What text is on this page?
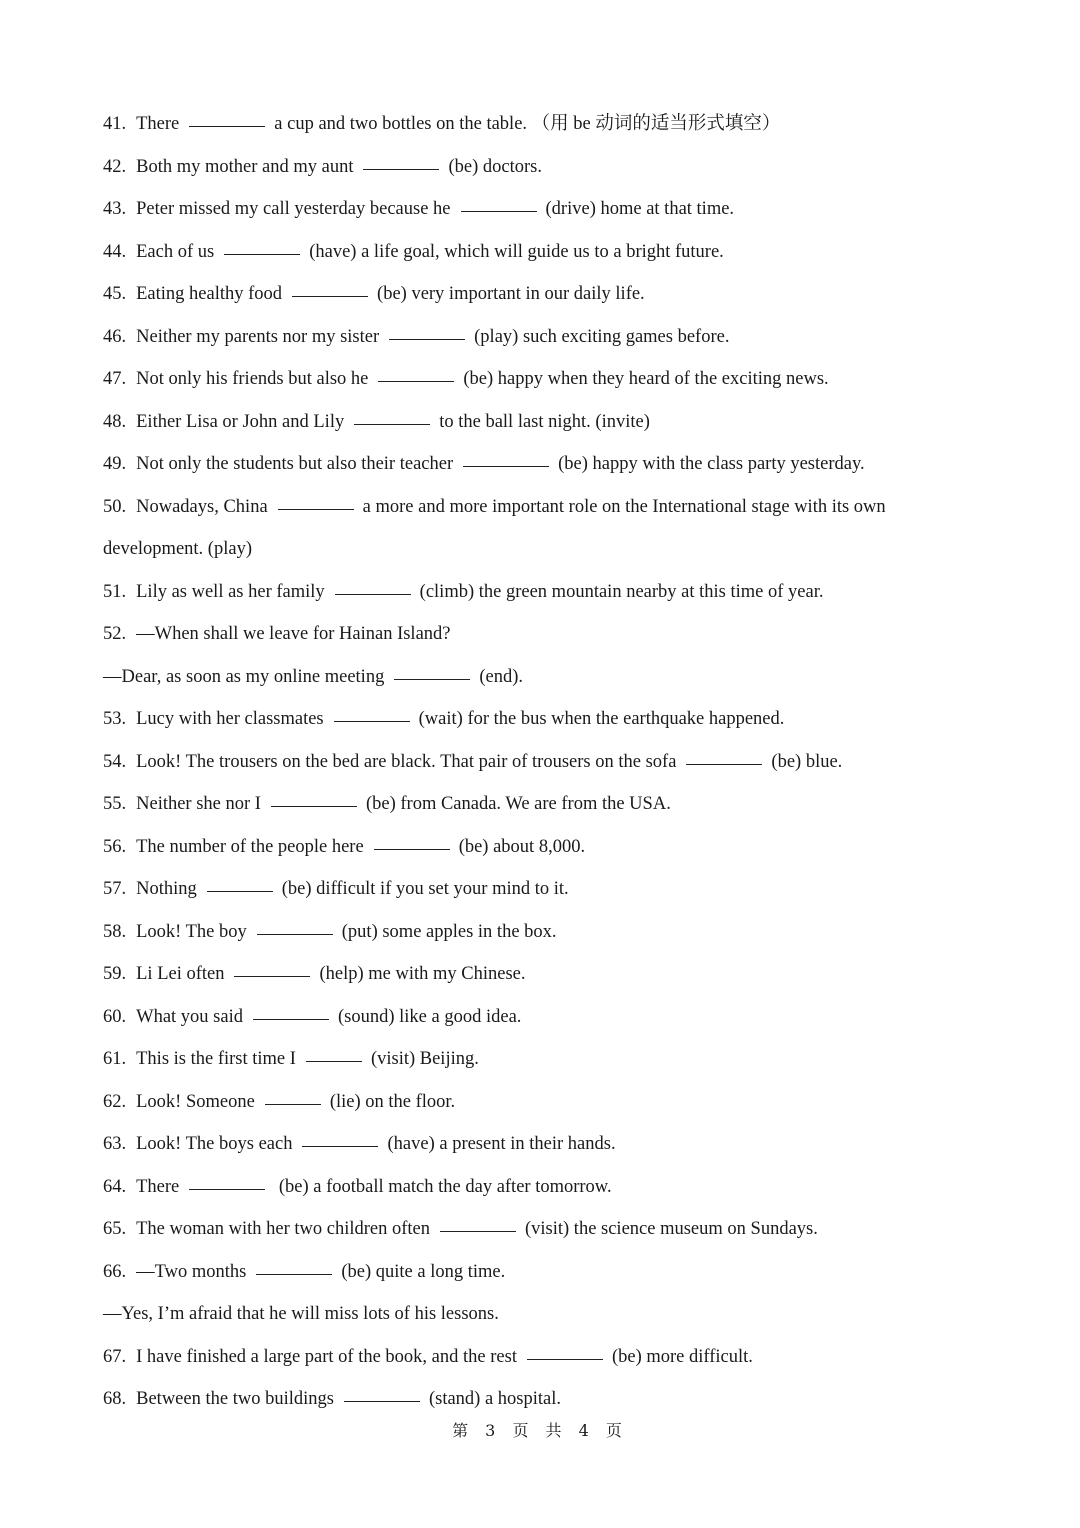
41. There	a cup and two bottles on the table. （用 be 动词的适当形式填空）
42. Both my mother and my aunt	(be) doctors.
43. Peter missed my call yesterday because he	(drive) home at that time.
44. Each of us	(have) a life goal, which will guide us to a bright future.
45. Eating healthy food	(be) very important in our daily life.
46. Neither my parents nor my sister	(play) such exciting games before.
47. Not only his friends but also he	(be) happy when they heard of the exciting news.
48. Either Lisa or John and Lily	to the ball last night. (invite)
49. Not only the students but also their teacher	(be) happy with the class party yesterday.
50. Nowadays, China	a more and more important role on the International stage with its own
development. (play)
51. Lily as well as her family	(climb) the green mountain nearby at this time of year.
52. —When shall we leave for Hainan Island?
—Dear, as soon as my online meeting	(end).
53. Lucy with her classmates	(wait) for the bus when the earthquake happened.
54. Look! The trousers on the bed are black. That pair of trousers on the sofa	(be) blue.
55. Neither she nor I	(be) from Canada. We are from the USA.
56. The number of the people here	(be) about 8,000.
57. Nothing	(be) difficult if you set your mind to it.
58. Look! The boy	(put) some apples in the box.
59. Li Lei often	(help) me with my Chinese.
60. What you said	(sound) like a good idea.
61. This is the first time I	(visit) Beijing.
62. Look! Someone	(lie) on the floor.
63. Look! The boys each	(have) a present in their hands.
64. There	(be) a football match the day after tomorrow.
65. The woman with her two children often	(visit) the science museum on Sundays.
66. —Two months	(be) quite a long time.
—Yes, I’m afraid that he will miss lots of his lessons.
67. I have finished a large part of the book, and the rest	(be) more difficult.
68. Between the two buildings	(stand) a hospital.
第 3 页 共 4 页
